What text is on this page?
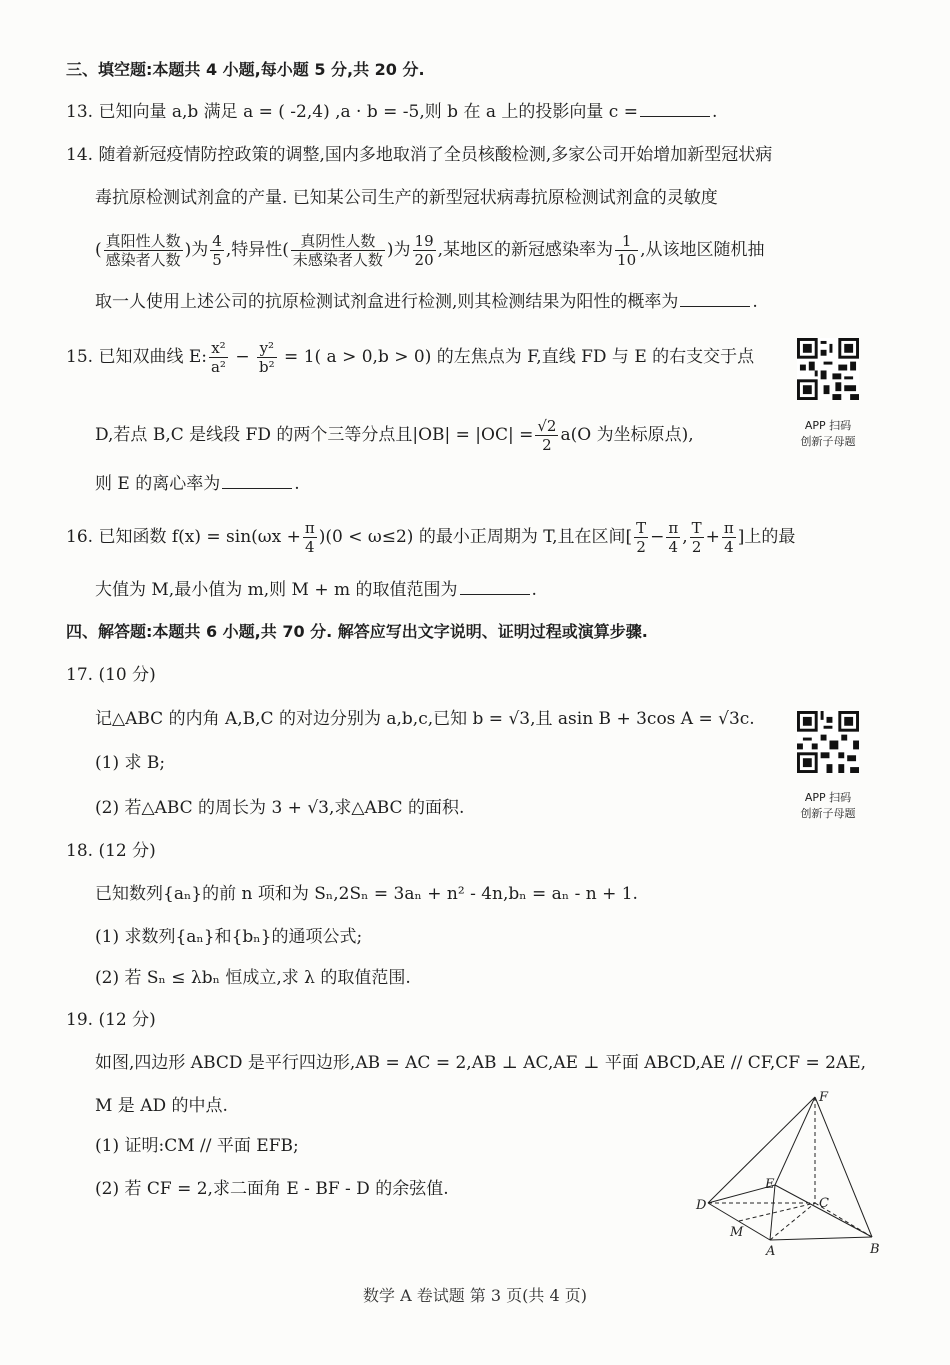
三、填空题:本题共 4 小题,每小题 5 分,共 20 分.
13. 已知向量 a,b 满足 a = ( -2,4) ,a · b = -5,则 b 在 a 上的投影向量 c =	.
14. 随着新冠疫情防控政策的调整,国内多地取消了全员核酸检测,多家公司开始增加新型冠状病
毒抗原检测试剂盒的产量. 已知某公司生产的新型冠状病毒抗原检测试剂盒的灵敏度
( $\frac{\text{真阳性人数}}{\text{感染者人数}}$ )为 $\frac{4}{5}$ ,特异性( $\frac{\text{真阴性人数}}{\text{未感染者人数}}$ )为 $\frac{19}{20}$ ,某地区的新冠感染率为 $\frac{1}{10}$ ,从该地区随机抽
取一人使用上述公司的抗原检测试剂盒进行检测,则其检测结果为阳性的概率为	.
15. 已知双曲线 E: $\frac{\text{x²}}{\text{a²}} - \frac{\text{y²}}{\text{b²}} = 1$( a > 0,b > 0) 的左焦点为 F,直线 FD 与 E 的右支交于点
D,若点 B,C 是线段 FD 的两个三等分点且$|OB| = |OC| = \frac{√2}{2} a(O$ 为坐标原点),
则 E 的离心率为	.
16. 已知函数 $f(x) = \sin(\omega x + \frac{\pi}{4} )(0 < \omega\le 2)$ 的最小正周期为 T,且在区间[ $\frac{T}{2} - \frac{\pi}{4}$ , $\frac{T}{2} + \frac{\pi}{4}$ ]上的最
大值为 M,最小值为 m,则 M + m 的取值范围为	.
四、解答题:本题共 6 小题,共 70 分. 解答应写出文字说明、证明过程或演算步骤.
17. (10 分)
记△ABC 的内角 A,B,C 的对边分别为 a,b,c,已知 b = √3,且 asin B + 3cos A = √3c.
(1) 求 B;
(2) 若△ABC 的周长为 3 + √3,求△ABC 的面积.
18. (12 分)
已知数列{aₙ}的前 n 项和为 Sₙ,2Sₙ = 3aₙ + n² - 4n,bₙ = aₙ - n + 1.
(1) 求数列{aₙ}和{bₙ}的通项公式;
(2) 若 Sₙ ≤ λbₙ 恒成立,求 λ 的取值范围.
19. (12 分)
如图,四边形 ABCD 是平行四边形,AB = AC = 2,AB ⊥ AC,AE ⊥ 平面 ABCD,AE // CF,CF = 2AE,
M 是 AD 的中点.
(1) 证明:CM // 平面 EFB;
(2) 若 CF = 2,求二面角 E - BF - D 的余弦值.
APP 扫码
创新子母题
APP 扫码
创新子母题
F
E
C
D
M
A	B
数学 A 卷试题 第 3 页(共 4 页)
